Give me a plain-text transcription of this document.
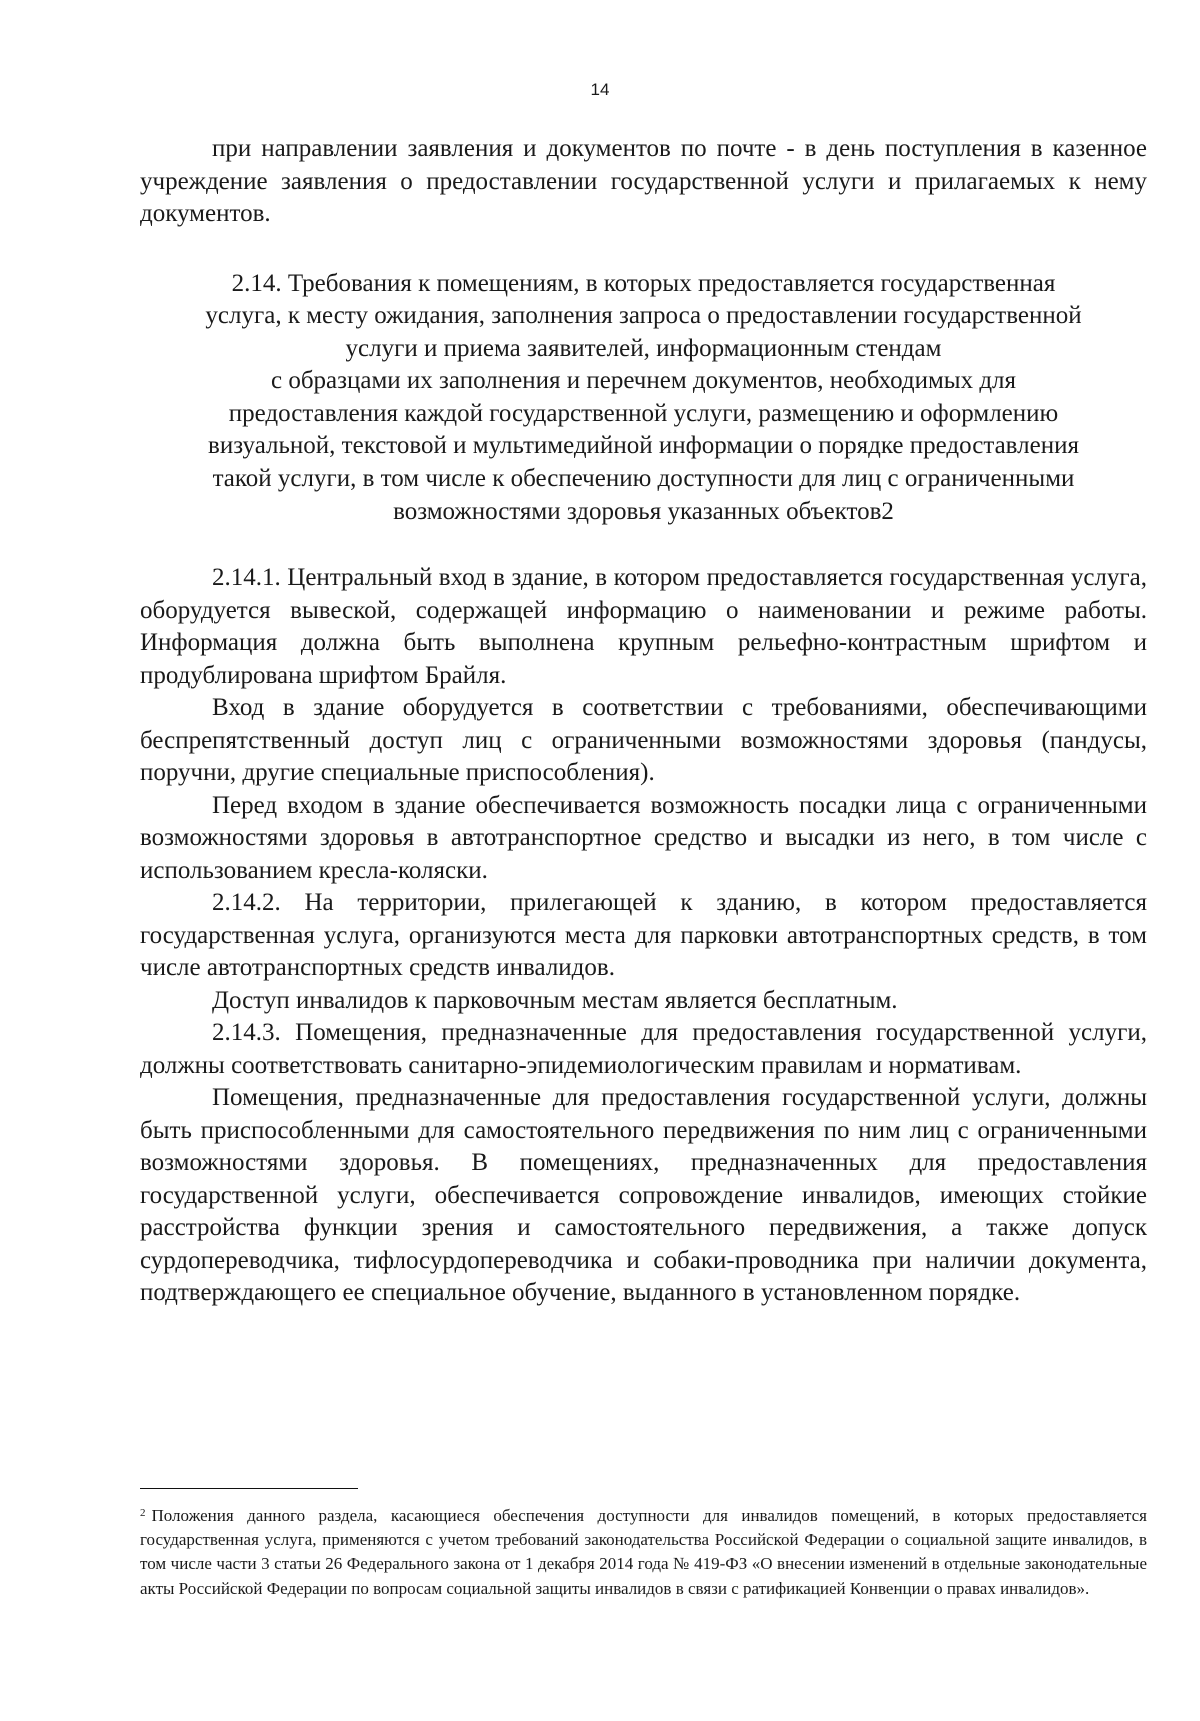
14

при направлении заявления и документов по почте - в день поступления в казенное учреждение заявления о предоставлении государственной услуги и прилагаемых к нему документов.

2.14. Требования к помещениям, в которых предоставляется государственная
услуга, к месту ожидания, заполнения запроса о предоставлении государственной
услуги и приема заявителей, информационным стендам
с образцами их заполнения и перечнем документов, необходимых для
предоставления каждой государственной услуги, размещению и оформлению
визуальной, текстовой и мультимедийной информации о порядке предоставления
такой услуги, в том числе к обеспечению доступности для лиц с ограниченными
возможностями здоровья указанных объектов2

2.14.1. Центральный вход в здание, в котором предоставляется государственная услуга, оборудуется вывеской, содержащей информацию о наименовании и режиме работы. Информация должна быть выполнена крупным рельефно-контрастным шрифтом и продублирована шрифтом Брайля.

Вход в здание оборудуется в соответствии с требованиями, обеспечивающими беспрепятственный доступ лиц с ограниченными возможностями здоровья (пандусы, поручни, другие специальные приспособления).

Перед входом в здание обеспечивается возможность посадки лица с ограниченными возможностями здоровья в автотранспортное средство и высадки из него, в том числе с использованием кресла-коляски.

2.14.2. На территории, прилегающей к зданию, в котором предоставляется государственная услуга, организуются места для парковки автотранспортных средств, в том числе автотранспортных средств инвалидов.

Доступ инвалидов к парковочным местам является бесплатным.

2.14.3. Помещения, предназначенные для предоставления государственной услуги, должны соответствовать санитарно-эпидемиологическим правилам и нормативам.

Помещения, предназначенные для предоставления государственной услуги, должны быть приспособленными для самостоятельного передвижения по ним лиц с ограниченными возможностями здоровья. В помещениях, предназначенных для предоставления государственной услуги, обеспечивается сопровождение инвалидов, имеющих стойкие расстройства функции зрения и самостоятельного передвижения, а также допуск сурдопереводчика, тифлосурдопереводчика и собаки-проводника при наличии документа, подтверждающего ее специальное обучение, выданного в установленном порядке.

$^2$ Положения данного раздела, касающиеся обеспечения доступности для инвалидов помещений, в которых предоставляется государственная услуга, применяются с учетом требований законодательства Российской Федерации о социальной защите инвалидов, в том числе части 3 статьи 26 Федерального закона от 1 декабря 2014 года № 419-ФЗ «О внесении изменений в отдельные законодательные акты Российской Федерации по вопросам социальной защиты инвалидов в связи с ратификацией Конвенции о правах инвалидов».
